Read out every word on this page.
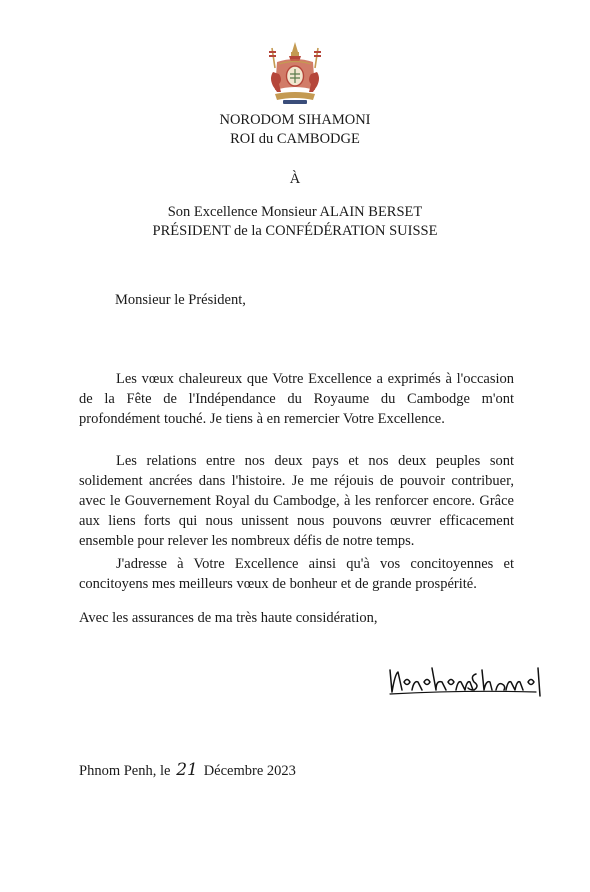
NORODOM SIHAMONI
ROI du CAMBODGE
À
Son Excellence Monsieur ALAIN BERSET
PRÉSIDENT de la CONFÉDÉRATION SUISSE
Monsieur le Président,

Les vœux chaleureux que Votre Excellence a exprimés à l'occasion de la Fête de l'Indépendance du Royaume du Cambodge m'ont profondément touché. Je tiens à en remercier Votre Excellence.

Les relations entre nos deux pays et nos deux peuples sont solidement ancrées dans l'histoire. Je me réjouis de pouvoir contribuer, avec le Gouvernement Royal du Cambodge, à les renforcer encore. Grâce aux liens forts qui nous unissent nous pouvons œuvrer efficacement ensemble pour relever les nombreux défis de notre temps.

J'adresse à Votre Excellence ainsi qu'à vos concitoyennes et concitoyens mes meilleurs vœux de bonheur et de grande prospérité.

Avec les assurances de ma très haute considération,
Phnom Penh, le 21 Décembre 2023
